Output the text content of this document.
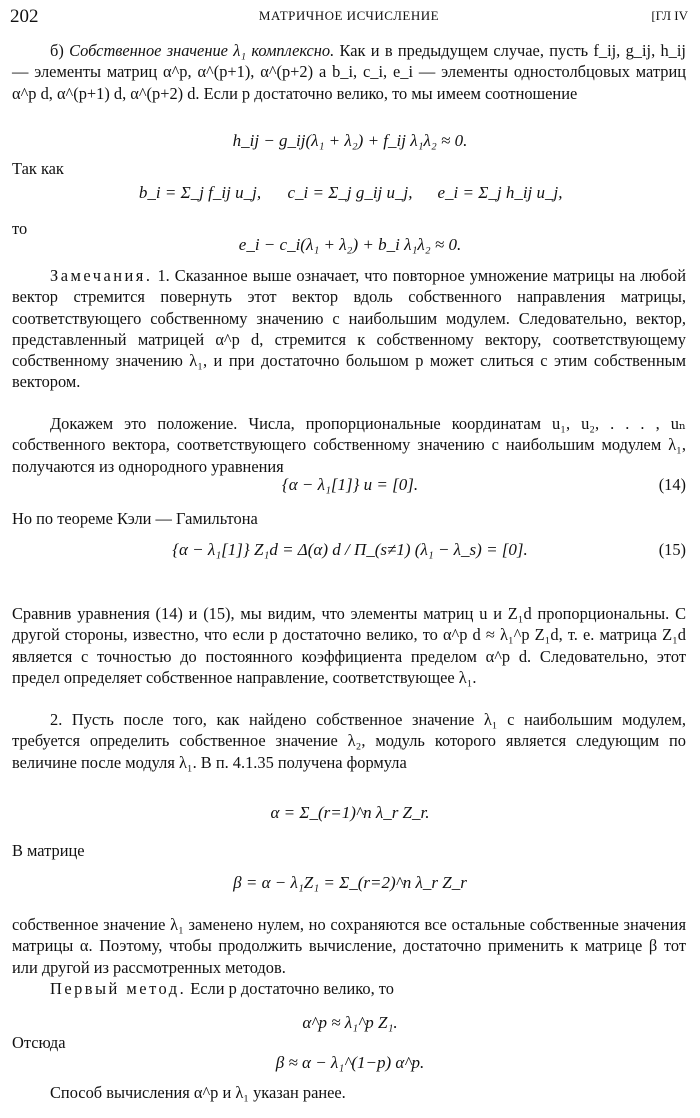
202	МАТРИЧНОЕ ИСЧИСЛЕНИЕ	[ГЛ IV

б) Собственное значение λ₁ комплексно. Как и в предыдущем случае, пусть f_ij, g_ij, h_ij — элементы матриц α^p, α^(p+1), α^(p+2) а b_i, c_i, e_i — элементы одностолбцовых матриц α^p d, α^(p+1) d, α^(p+2) d. Если p достаточно велико, то мы имеем соотношение

h_ij − g_ij(λ₁ + λ₂) + f_ij λ₁λ₂ ≈ 0.

Так как

b_i = Σ_j f_ij u_j,	c_i = Σ_j g_ij u_j,	e_i = Σ_j h_ij u_j,

то

e_i − c_i(λ₁ + λ₂) + b_i λ₁λ₂ ≈ 0.

Замечания. 1. Сказанное выше означает, что повторное умножение матрицы на любой вектор стремится повернуть этот вектор вдоль собственного направления матрицы, соответствующего собственному значению с наибольшим модулем. Следовательно, вектор, представленный матрицей α^p d, стремится к собственному вектору, соответствующему собственному значению λ₁, и при достаточно большом p может слиться с этим собственным вектором.

Докажем это положение. Числа, пропорциональные координатам u₁, u₂, . . . , uₙ собственного вектора, соответствующего собственному значению с наибольшим модулем λ₁, получаются из однородного уравнения

{α − λ₁[1]} u = [0].	(14)

Но по теореме Кэли — Гамильтона

{α − λ₁[1]} Z₁d = Δ(α) d / Π_(s≠1) (λ₁ − λ_s) = [0].	(15)

Сравнив уравнения (14) и (15), мы видим, что элементы матриц u и Z₁d пропорциональны. С другой стороны, известно, что если p достаточно велико, то α^p d ≈ λ₁^p Z₁d, т. е. матрица Z₁d является с точностью до постоянного коэффициента пределом α^p d. Следовательно, этот предел определяет собственное направление, соответствующее λ₁.

2. Пусть после того, как найдено собственное значение λ₁ с наибольшим модулем, требуется определить собственное значение λ₂, модуль которого является следующим по величине после модуля λ₁. В п. 4.1.35 получена формула

α = Σ_(r=1)^n λ_r Z_r.

В матрице

β = α − λ₁Z₁ = Σ_(r=2)^n λ_r Z_r

собственное значение λ₁ заменено нулем, но сохраняются все остальные собственные значения матрицы α. Поэтому, чтобы продолжить вычисление, достаточно применить к матрице β тот или другой из рассмотренных методов.

Первый метод. Если p достаточно велико, то

α^p ≈ λ₁^p Z₁.

Отсюда

β ≈ α − λ₁^(1−p) α^p.

Способ вычисления α^p и λ₁ указан ранее.
